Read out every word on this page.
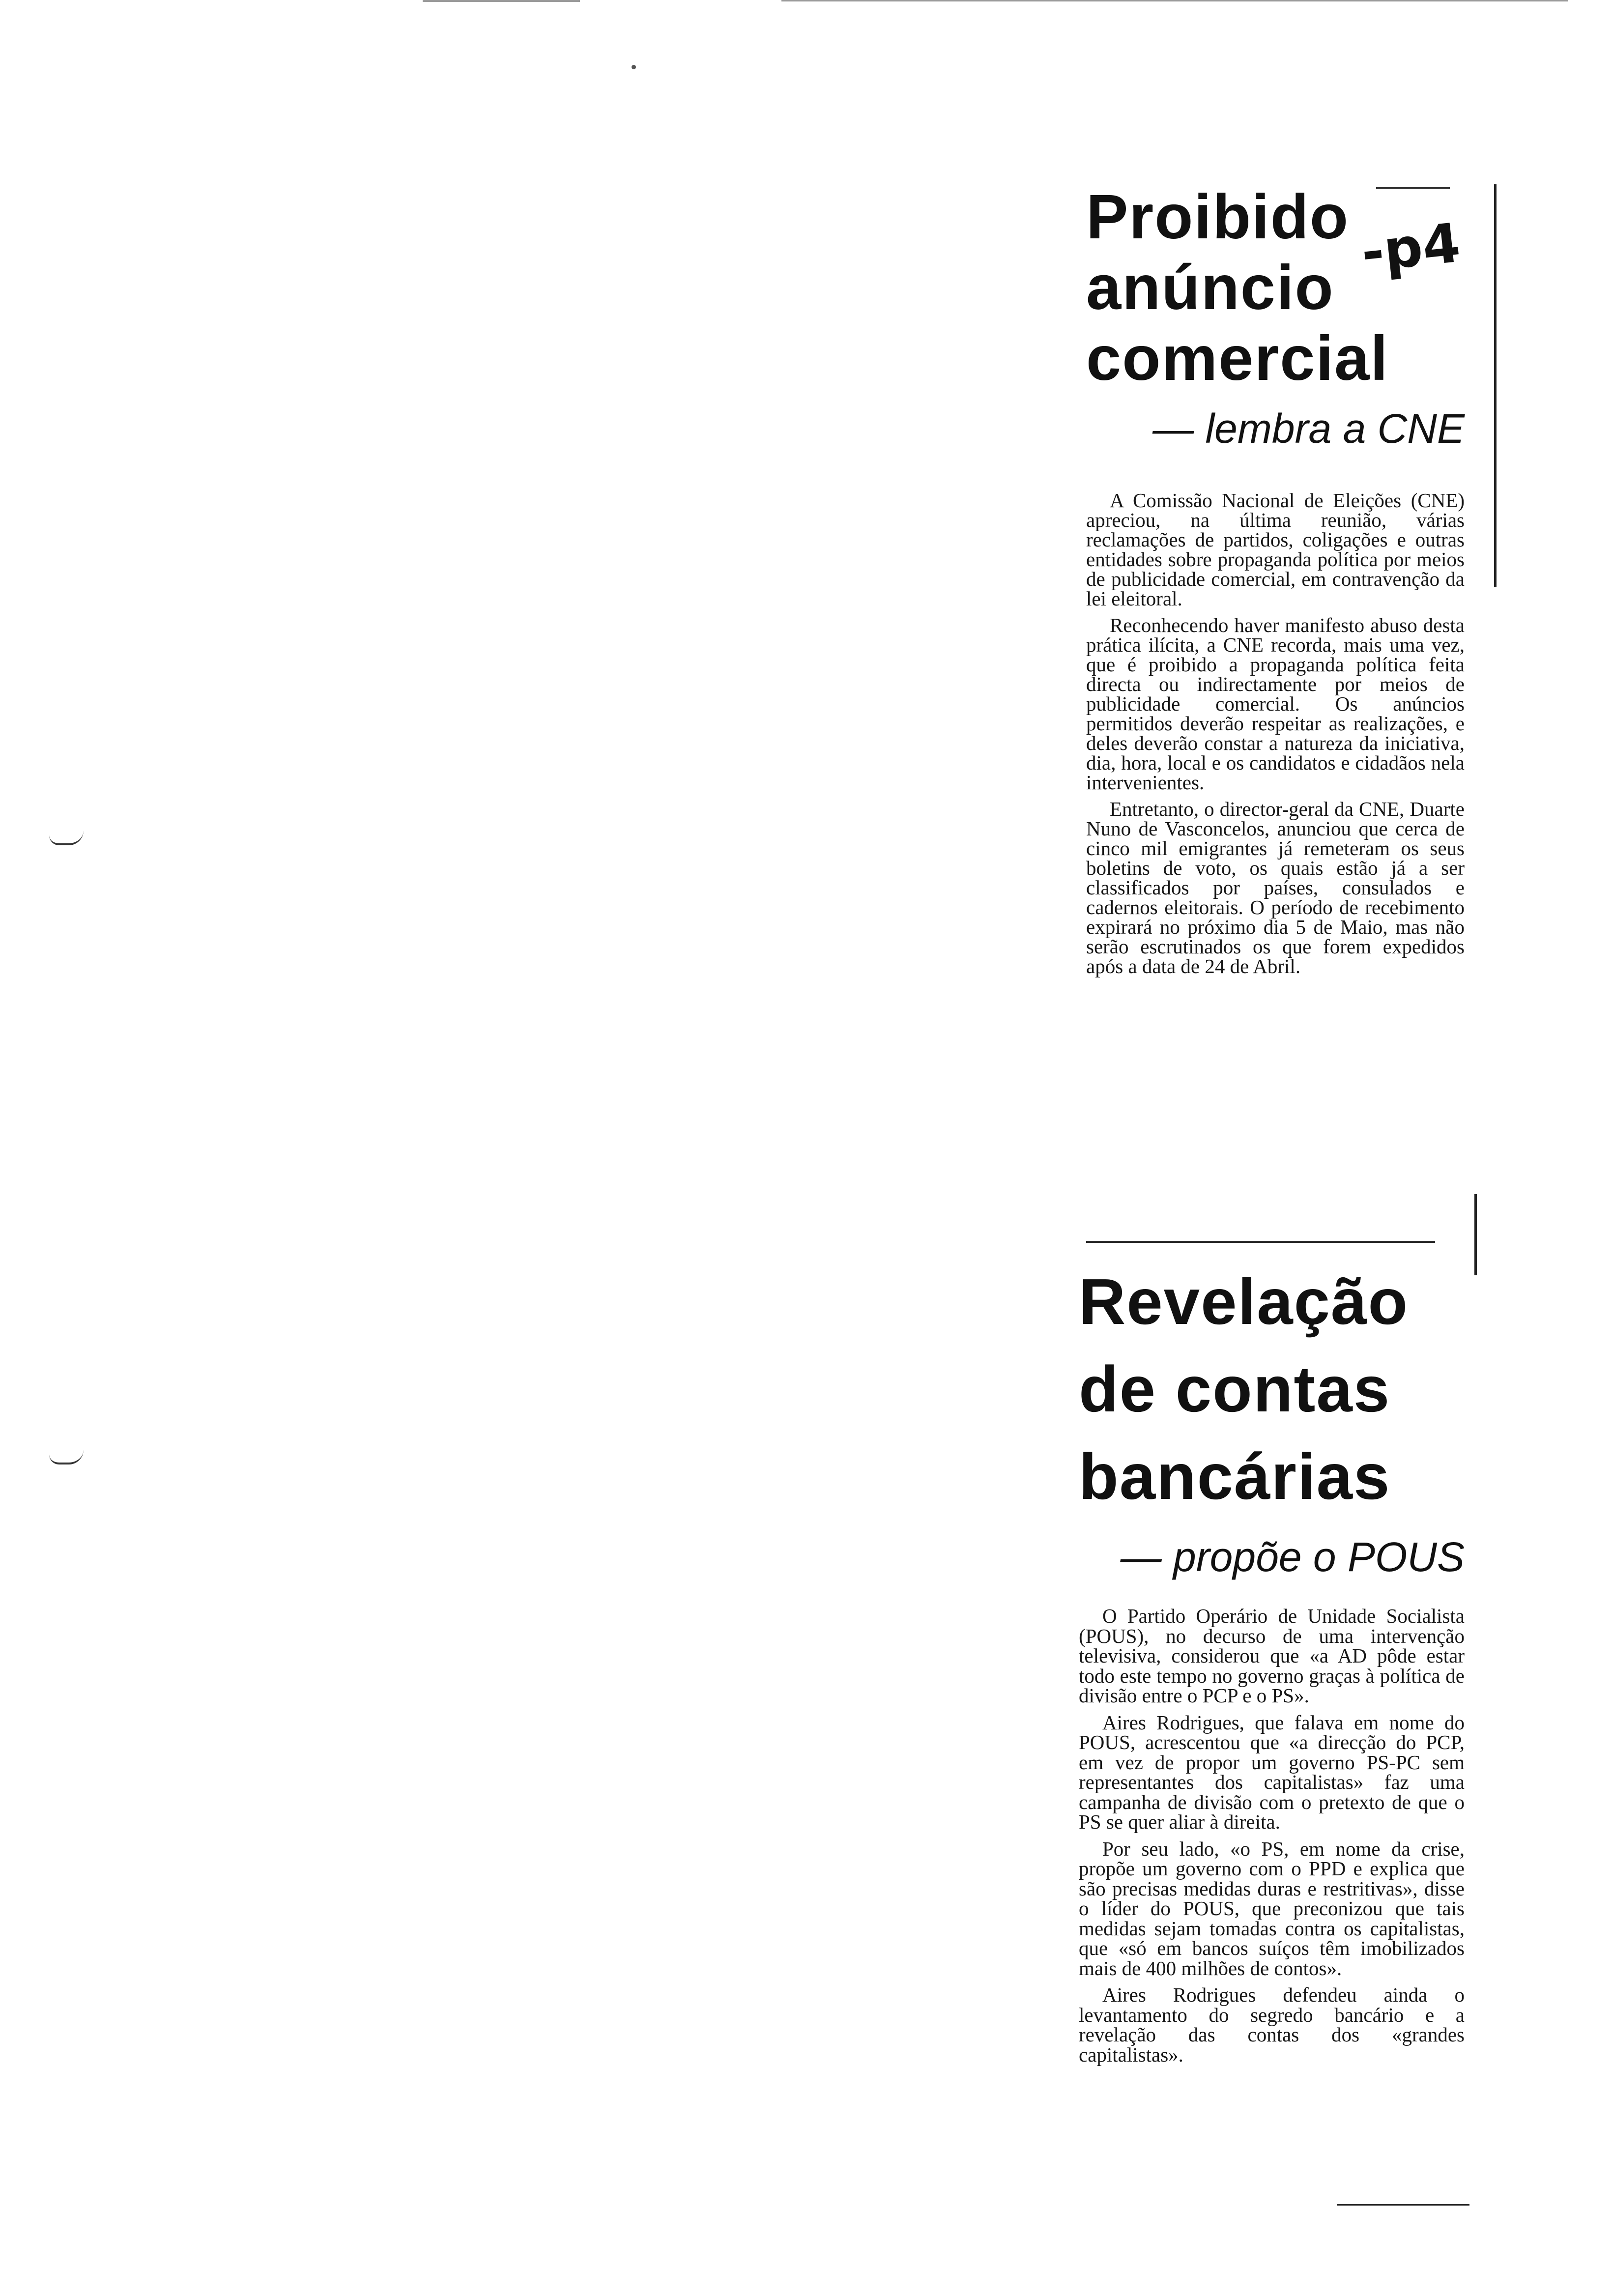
-p4
Proibido
anúncio
comercial
— lembra a CNE

A Comissão Nacional de Eleições (CNE) apreciou, na última reunião, várias reclamações de partidos, coligações e outras entidades sobre propaganda política por meios de publicidade comercial, em contravenção da lei eleitoral.

Reconhecendo haver manifesto abuso desta prática ilícita, a CNE recorda, mais uma vez, que é proibido a propaganda política feita directa ou indirectamente por meios de publicidade comercial. Os anúncios permitidos deverão respeitar as realizações, e deles deverão constar a natureza da iniciativa, dia, hora, local e os candidatos e cidadãos nela intervenientes.

Entretanto, o director-geral da CNE, Duarte Nuno de Vasconcelos, anunciou que cerca de cinco mil emigrantes já remeteram os seus boletins de voto, os quais estão já a ser classificados por países, consulados e cadernos eleitorais. O período de recebimento expirará no próximo dia 5 de Maio, mas não serão escrutinados os que forem expedidos após a data de 24 de Abril.

Revelação
de contas
bancárias
— propõe o POUS

O Partido Operário de Unidade Socialista (POUS), no decurso de uma intervenção televisiva, considerou que «a AD pôde estar todo este tempo no governo graças à política de divisão entre o PCP e o PS».

Aires Rodrigues, que falava em nome do POUS, acrescentou que «a direcção do PCP, em vez de propor um governo PS-PC sem representantes dos capitalistas» faz uma campanha de divisão com o pretexto de que o PS se quer aliar à direita.

Por seu lado, «o PS, em nome da crise, propõe um governo com o PPD e explica que são precisas medidas duras e restritivas», disse o líder do POUS, que preconizou que tais medidas sejam tomadas contra os capitalistas, que «só em bancos suíços têm imobilizados mais de 400 milhões de contos».

Aires Rodrigues defendeu ainda o levantamento do segredo bancário e a revelação das contas dos «grandes capitalistas».
